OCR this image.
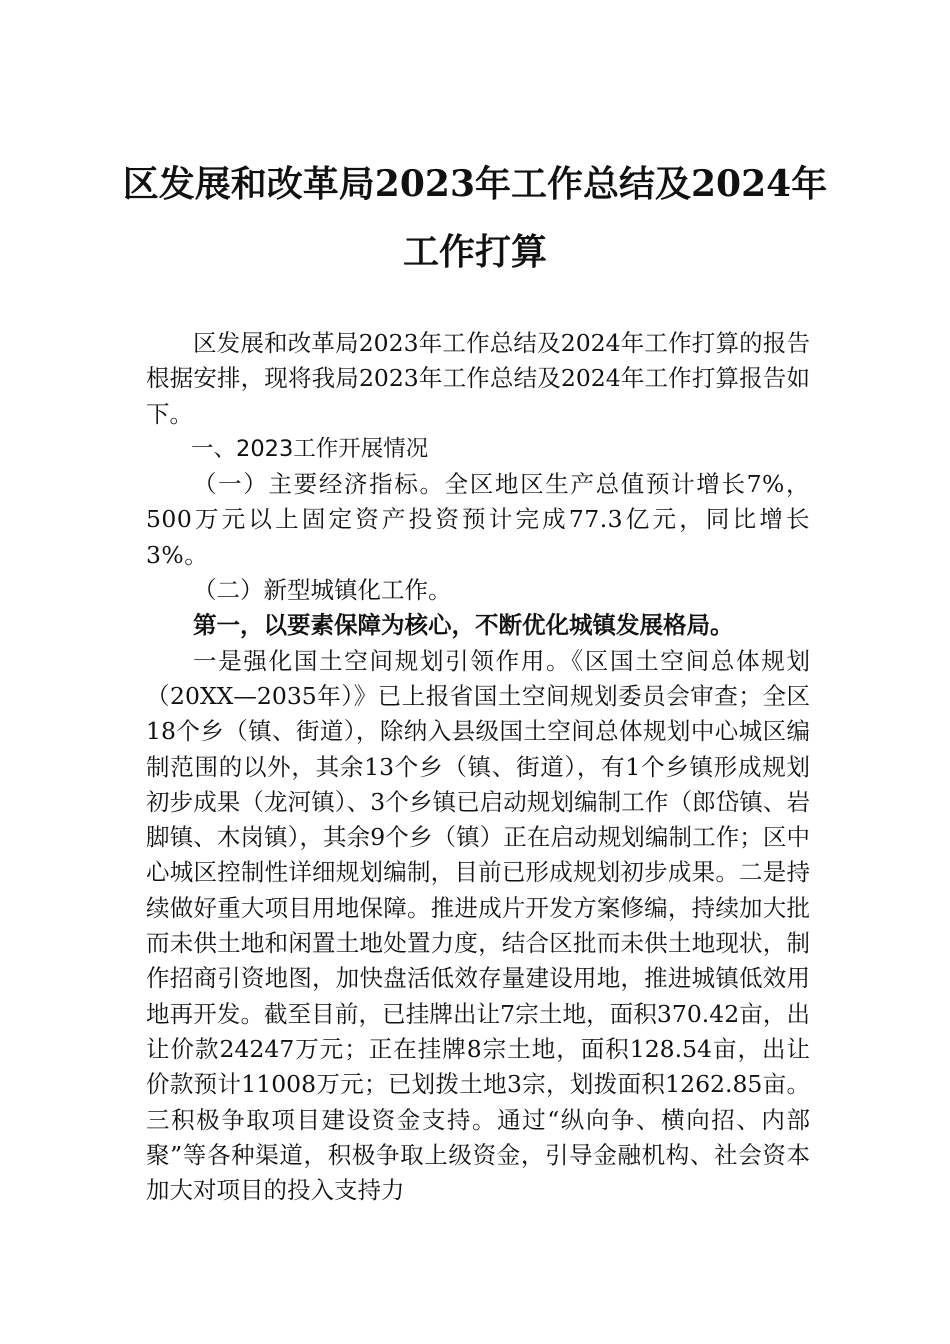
区发展和改革局2023年工作总结及2024年
工作打算

区发展和改革局2023年工作总结及2024年工作打算的报告根据安排，现将我局2023年工作总结及2024年工作打算报告如下。

一、2023工作开展情况

（一）主要经济指标。全区地区生产总值预计增长7%，500万元以上固定资产投资预计完成77.3亿元，同比增长3%。

（二）新型城镇化工作。

第一，以要素保障为核心，不断优化城镇发展格局。

一是强化国土空间规划引领作用。《区国土空间总体规划（20XX—2035年）》已上报省国土空间规划委员会审查；全区18个乡（镇、街道），除纳入县级国土空间总体规划中心城区编制范围的以外，其余13个乡（镇、街道），有1个乡镇形成规划初步成果（龙河镇）、3个乡镇已启动规划编制工作（郎岱镇、岩脚镇、木岗镇），其余9个乡（镇）正在启动规划编制工作；区中心城区控制性详细规划编制，目前已形成规划初步成果。二是持续做好重大项目用地保障。推进成片开发方案修编，持续加大批而未供土地和闲置土地处置力度，结合区批而未供土地现状，制作招商引资地图，加快盘活低效存量建设用地，推进城镇低效用地再开发。截至目前，已挂牌出让7宗土地，面积370.42亩，出让价款24247万元；正在挂牌8宗土地，面积128.54亩，出让价款预计11008万元；已划拨土地3宗，划拨面积1262.85亩。三积极争取项目建设资金支持。通过“纵向争、横向招、内部聚”等各种渠道，积极争取上级资金，引导金融机构、社会资本加大对项目的投入支持力
